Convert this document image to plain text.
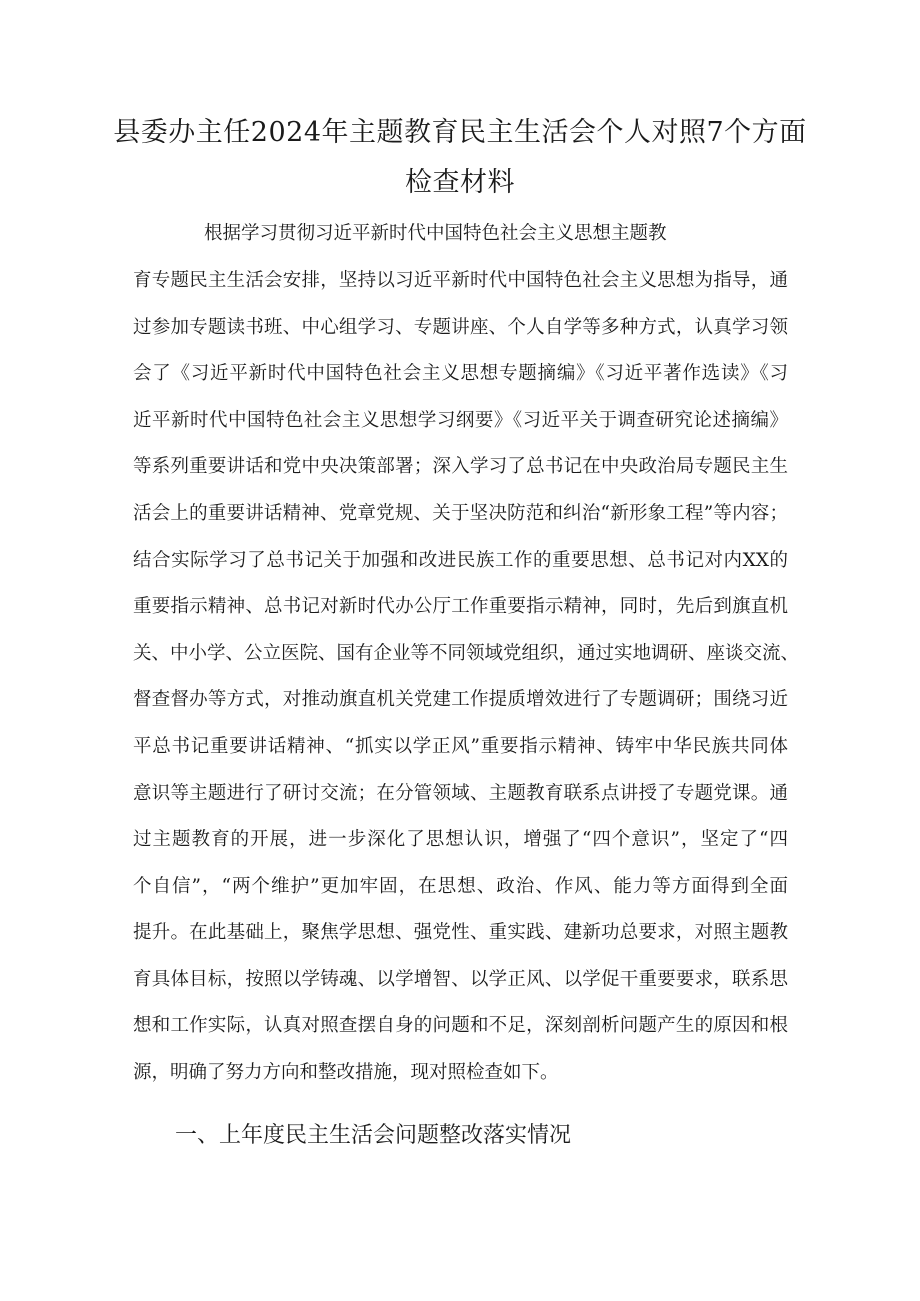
县委办主任2024年主题教育民主生活会个人对照7个方面
检查材料
根据学习贯彻习近平新时代中国特色社会主义思想主题教
育专题民主生活会安排，坚持以习近平新时代中国特色社会主义思想为指导，通
过参加专题读书班、中心组学习、专题讲座、个人自学等多种方式，认真学习领
会了《习近平新时代中国特色社会主义思想专题摘编》《习近平著作选读》《习
近平新时代中国特色社会主义思想学习纲要》《习近平关于调查研究论述摘编》
等系列重要讲话和党中央决策部署；深入学习了总书记在中央政治局专题民主生
活会上的重要讲话精神、党章党规、关于坚决防范和纠治“新形象工程”等内容；
结合实际学习了总书记关于加强和改进民族工作的重要思想、总书记对内XX的
重要指示精神、总书记对新时代办公厅工作重要指示精神，同时，先后到旗直机
关、中小学、公立医院、国有企业等不同领域党组织，通过实地调研、座谈交流、
督查督办等方式，对推动旗直机关党建工作提质增效进行了专题调研；围绕习近
平总书记重要讲话精神、“抓实以学正风”重要指示精神、铸牢中华民族共同体
意识等主题进行了研讨交流；在分管领域、主题教育联系点讲授了专题党课。通
过主题教育的开展，进一步深化了思想认识，增强了“四个意识”，坚定了“四
个自信”，“两个维护”更加牢固，在思想、政治、作风、能力等方面得到全面
提升。在此基础上，聚焦学思想、强党性、重实践、建新功总要求，对照主题教
育具体目标，按照以学铸魂、以学增智、以学正风、以学促干重要要求，联系思
想和工作实际，认真对照查摆自身的问题和不足，深刻剖析问题产生的原因和根
源，明确了努力方向和整改措施，现对照检查如下。
一、上年度民主生活会问题整改落实情况
